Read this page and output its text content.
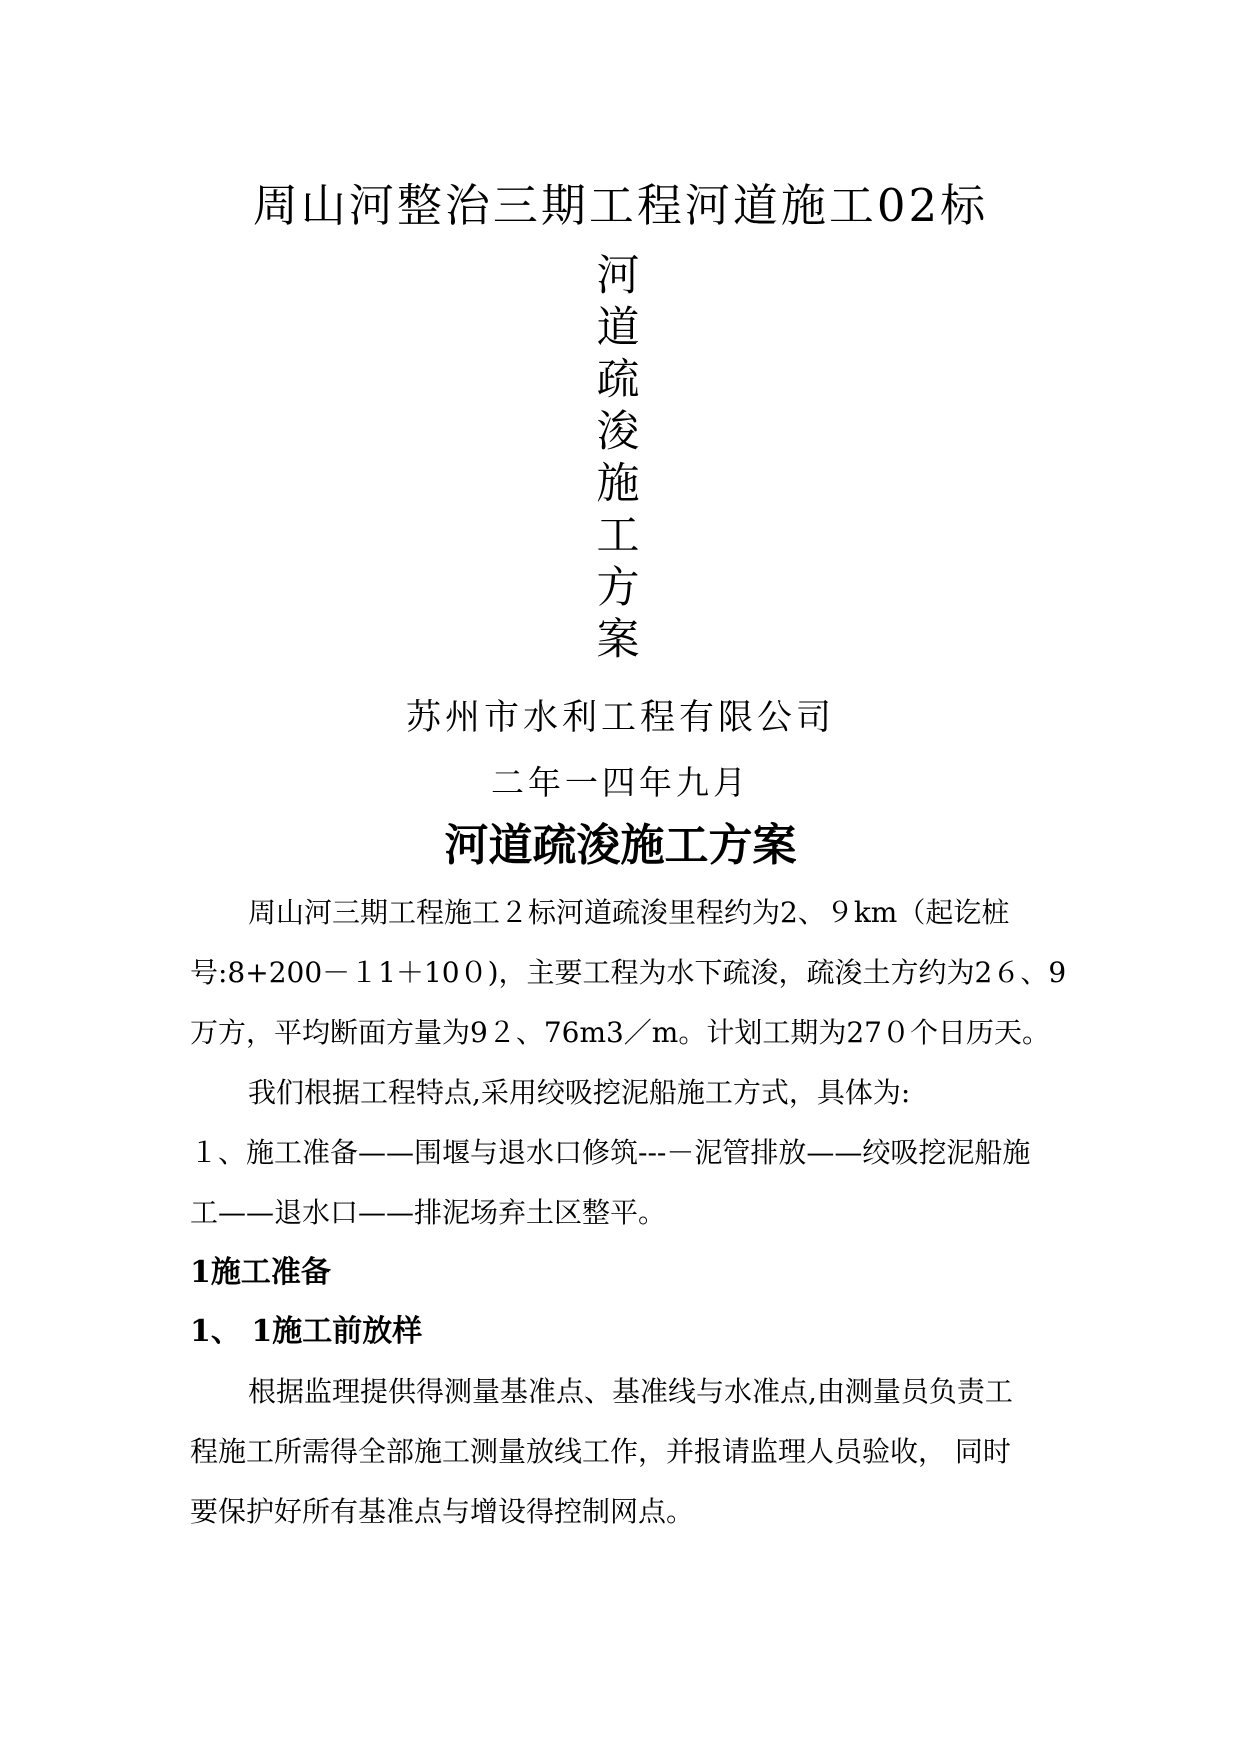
周山河整治三期工程河道施工02标
河
道
疏
浚
施
工
方
案
苏州市水利工程有限公司
二年一四年九月
河道疏浚施工方案
周山河三期工程施工２标河道疏浚里程约为2、９km（起讫桩
号:8+200－１1＋10０)，主要工程为水下疏浚，疏浚土方约为2６、9
万方，平均断面方量为9２、76m3／m。计划工期为27０个日历天。
我们根据工程特点,采用绞吸挖泥船施工方式，具体为:
１、施工准备——围堰与退水口修筑---－泥管排放——绞吸挖泥船施
工——退水口——排泥场弃土区整平。
1施工准备
1、 1施工前放样
根据监理提供得测量基准点、基准线与水准点,由测量员负责工
程施工所需得全部施工测量放线工作，并报请监理人员验收， 同时
要保护好所有基准点与增设得控制网点。
